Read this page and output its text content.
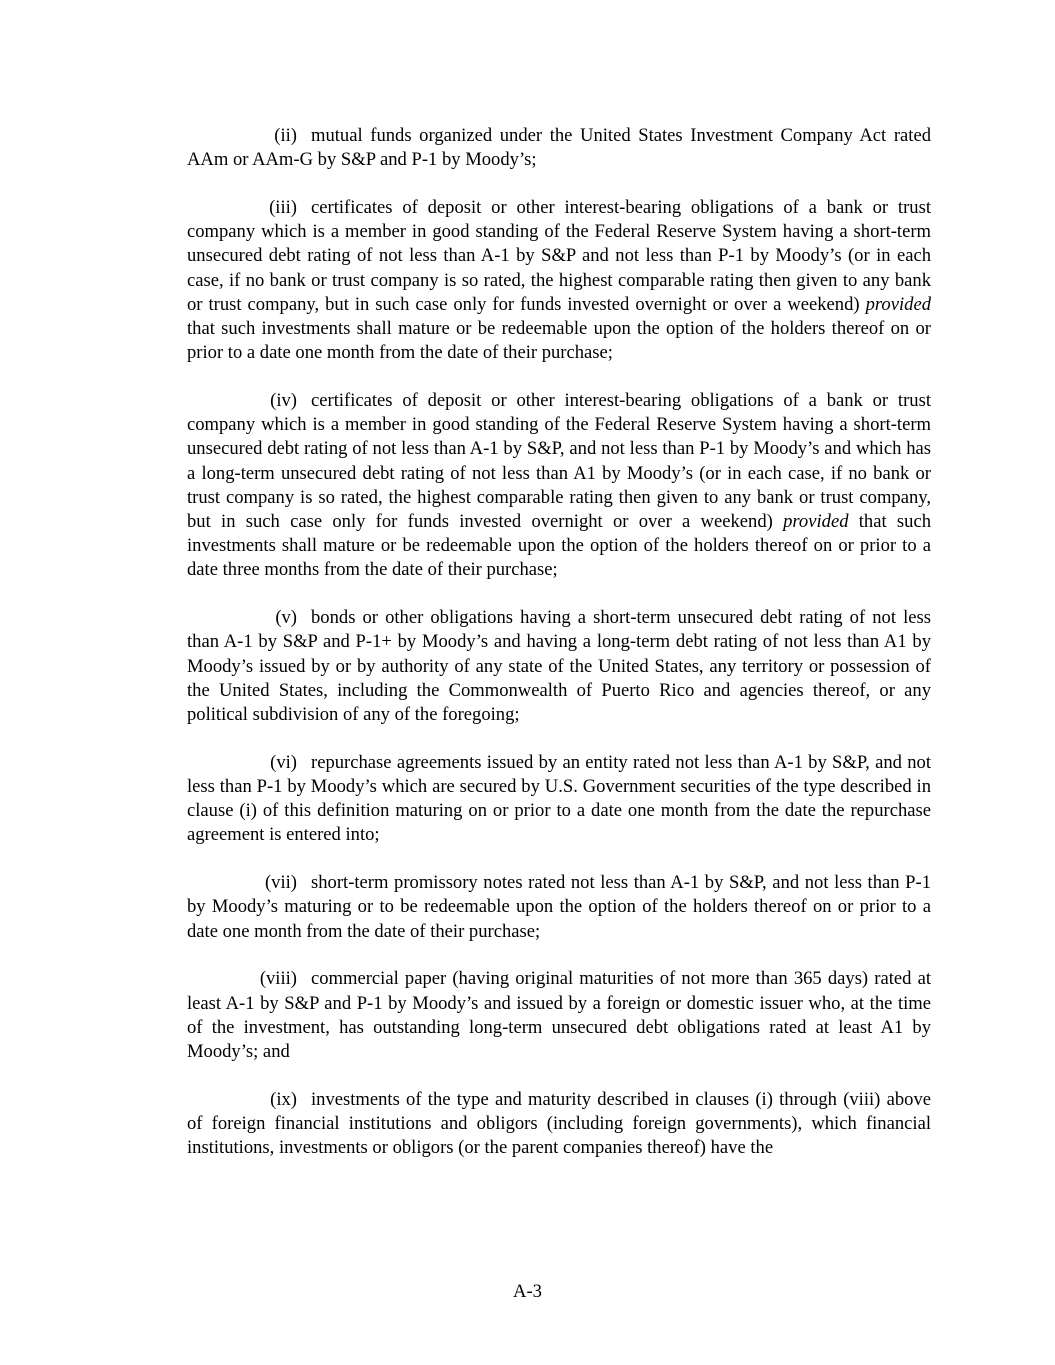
(ii) mutual funds organized under the United States Investment Company Act rated AAm or AAm-G by S&P and P-1 by Moody’s;

(iii) certificates of deposit or other interest-bearing obligations of a bank or trust company which is a member in good standing of the Federal Reserve System having a short-term unsecured debt rating of not less than A-1 by S&P and not less than P-1 by Moody’s (or in each case, if no bank or trust company is so rated, the highest comparable rating then given to any bank or trust company, but in such case only for funds invested overnight or over a weekend) provided that such investments shall mature or be redeemable upon the option of the holders thereof on or prior to a date one month from the date of their purchase;

(iv) certificates of deposit or other interest-bearing obligations of a bank or trust company which is a member in good standing of the Federal Reserve System having a short-term unsecured debt rating of not less than A-1 by S&P, and not less than P-1 by Moody’s and which has a long-term unsecured debt rating of not less than A1 by Moody’s (or in each case, if no bank or trust company is so rated, the highest comparable rating then given to any bank or trust company, but in such case only for funds invested overnight or over a weekend) provided that such investments shall mature or be redeemable upon the option of the holders thereof on or prior to a date three months from the date of their purchase;

(v) bonds or other obligations having a short-term unsecured debt rating of not less than A-1 by S&P and P-1+ by Moody’s and having a long-term debt rating of not less than A1 by Moody’s issued by or by authority of any state of the United States, any territory or possession of the United States, including the Commonwealth of Puerto Rico and agencies thereof, or any political subdivision of any of the foregoing;

(vi) repurchase agreements issued by an entity rated not less than A-1 by S&P, and not less than P-1 by Moody’s which are secured by U.S. Government securities of the type described in clause (i) of this definition maturing on or prior to a date one month from the date the repurchase agreement is entered into;

(vii) short-term promissory notes rated not less than A-1 by S&P, and not less than P-1 by Moody’s maturing or to be redeemable upon the option of the holders thereof on or prior to a date one month from the date of their purchase;

(viii) commercial paper (having original maturities of not more than 365 days) rated at least A-1 by S&P and P-1 by Moody’s and issued by a foreign or domestic issuer who, at the time of the investment, has outstanding long-term unsecured debt obligations rated at least A1 by Moody’s; and

(ix) investments of the type and maturity described in clauses (i) through (viii) above of foreign financial institutions and obligors (including foreign governments), which financial institutions, investments or obligors (or the parent companies thereof) have the

A-3
